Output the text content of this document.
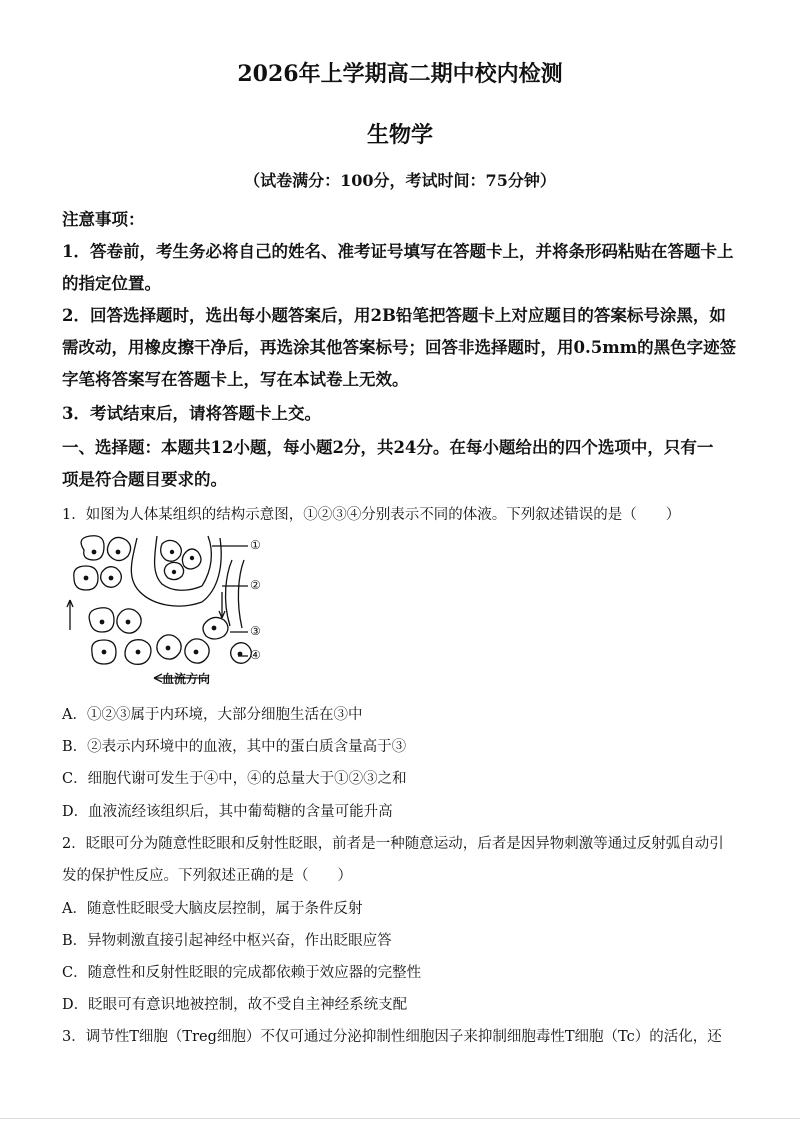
2026年上学期高二期中校内检测
生物学
（试卷满分：100分，考试时间：75分钟）
注意事项：
1．答卷前，考生务必将自己的姓名、准考证号填写在答题卡上，并将条形码粘贴在答题卡上
的指定位置。
2．回答选择题时，选出每小题答案后，用2B铅笔把答题卡上对应题目的答案标号涂黑，如
需改动，用橡皮擦干净后，再选涂其他答案标号；回答非选择题时，用0.5mm的黑色字迹签
字笔将答案写在答题卡上，写在本试卷上无效。
3．考试结束后，请将答题卡上交。
一、选择题：本题共12小题，每小题2分，共24分。在每小题给出的四个选项中，只有一
项是符合题目要求的。
1．如图为人体某组织的结构示意图，①②③④分别表示不同的体液。下列叙述错误的是（　　）
①
②
③
④
血流方向
A．①②③属于内环境，大部分细胞生活在③中
B．②表示内环境中的血液，其中的蛋白质含量高于③
C．细胞代谢可发生于④中，④的总量大于①②③之和
D．血液流经该组织后，其中葡萄糖的含量可能升高
2．眨眼可分为随意性眨眼和反射性眨眼，前者是一种随意运动，后者是因异物刺激等通过反射弧自动引
发的保护性反应。下列叙述正确的是（　　）
A．随意性眨眼受大脑皮层控制，属于条件反射
B．异物刺激直接引起神经中枢兴奋，作出眨眼应答
C．随意性和反射性眨眼的完成都依赖于效应器的完整性
D．眨眼可有意识地被控制，故不受自主神经系统支配
3．调节性T细胞（Treg细胞）不仅可通过分泌抑制性细胞因子来抑制细胞毒性T细胞（Tc）的活化，还
